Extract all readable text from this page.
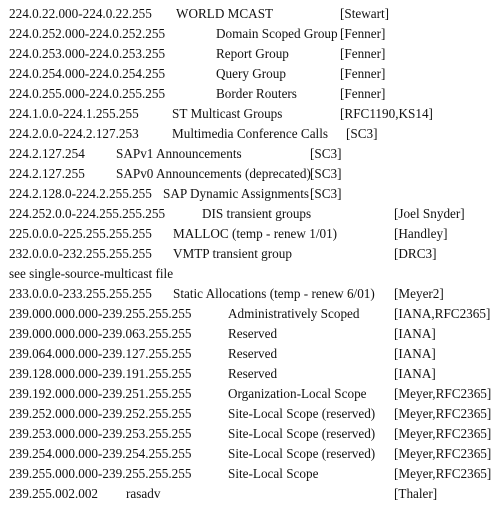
224.0.22.000-224.0.22.255 WORLD MCAST	[Stewart]
224.0.252.000-224.0.252.255	Domain Scoped Group [Fenner]
224.0.253.000-224.0.253.255	Report Group	[Fenner]
224.0.254.000-224.0.254.255	Query Group	[Fenner]
224.0.255.000-224.0.255.255	Border Routers	[Fenner]
224.1.0.0-224.1.255.255	ST Multicast Groups	[RFC1190,KS14]
224.2.0.0-224.2.127.253	Multimedia Conference Calls [SC3]
224.2.127.254 SAPv1 Announcements	[SC3]
224.2.127.255 SAPv0 Announcements (deprecated) [SC3]
224.2.128.0-224.2.255.255 SAP Dynamic Assignments [SC3]
224.252.0.0-224.255.255.255	DIS transient groups	[Joel Snyder]
225.0.0.0-225.255.255.255 MALLOC (temp - renew 1/01)	[Handley]
232.0.0.0-232.255.255.255 VMTP transient group	[DRC3]
see single-source-multicast file
233.0.0.0-233.255.255.255 Static Allocations (temp - renew 6/01) [Meyer2]
239.000.000.000-239.255.255.255	Administratively Scoped	[IANA,RFC2365]
239.000.000.000-239.063.255.255	Reserved	[IANA]
239.064.000.000-239.127.255.255	Reserved	[IANA]
239.128.000.000-239.191.255.255	Reserved	[IANA]
239.192.000.000-239.251.255.255	Organization-Local Scope [Meyer,RFC2365]
239.252.000.000-239.252.255.255	Site-Local Scope (reserved) [Meyer,RFC2365]
239.253.000.000-239.253.255.255	Site-Local Scope (reserved) [Meyer,RFC2365]
239.254.000.000-239.254.255.255	Site-Local Scope (reserved) [Meyer,RFC2365]
239.255.000.000-239.255.255.255	Site-Local Scope	[Meyer,RFC2365]
239.255.002.002 rasadv	[Thaler]
